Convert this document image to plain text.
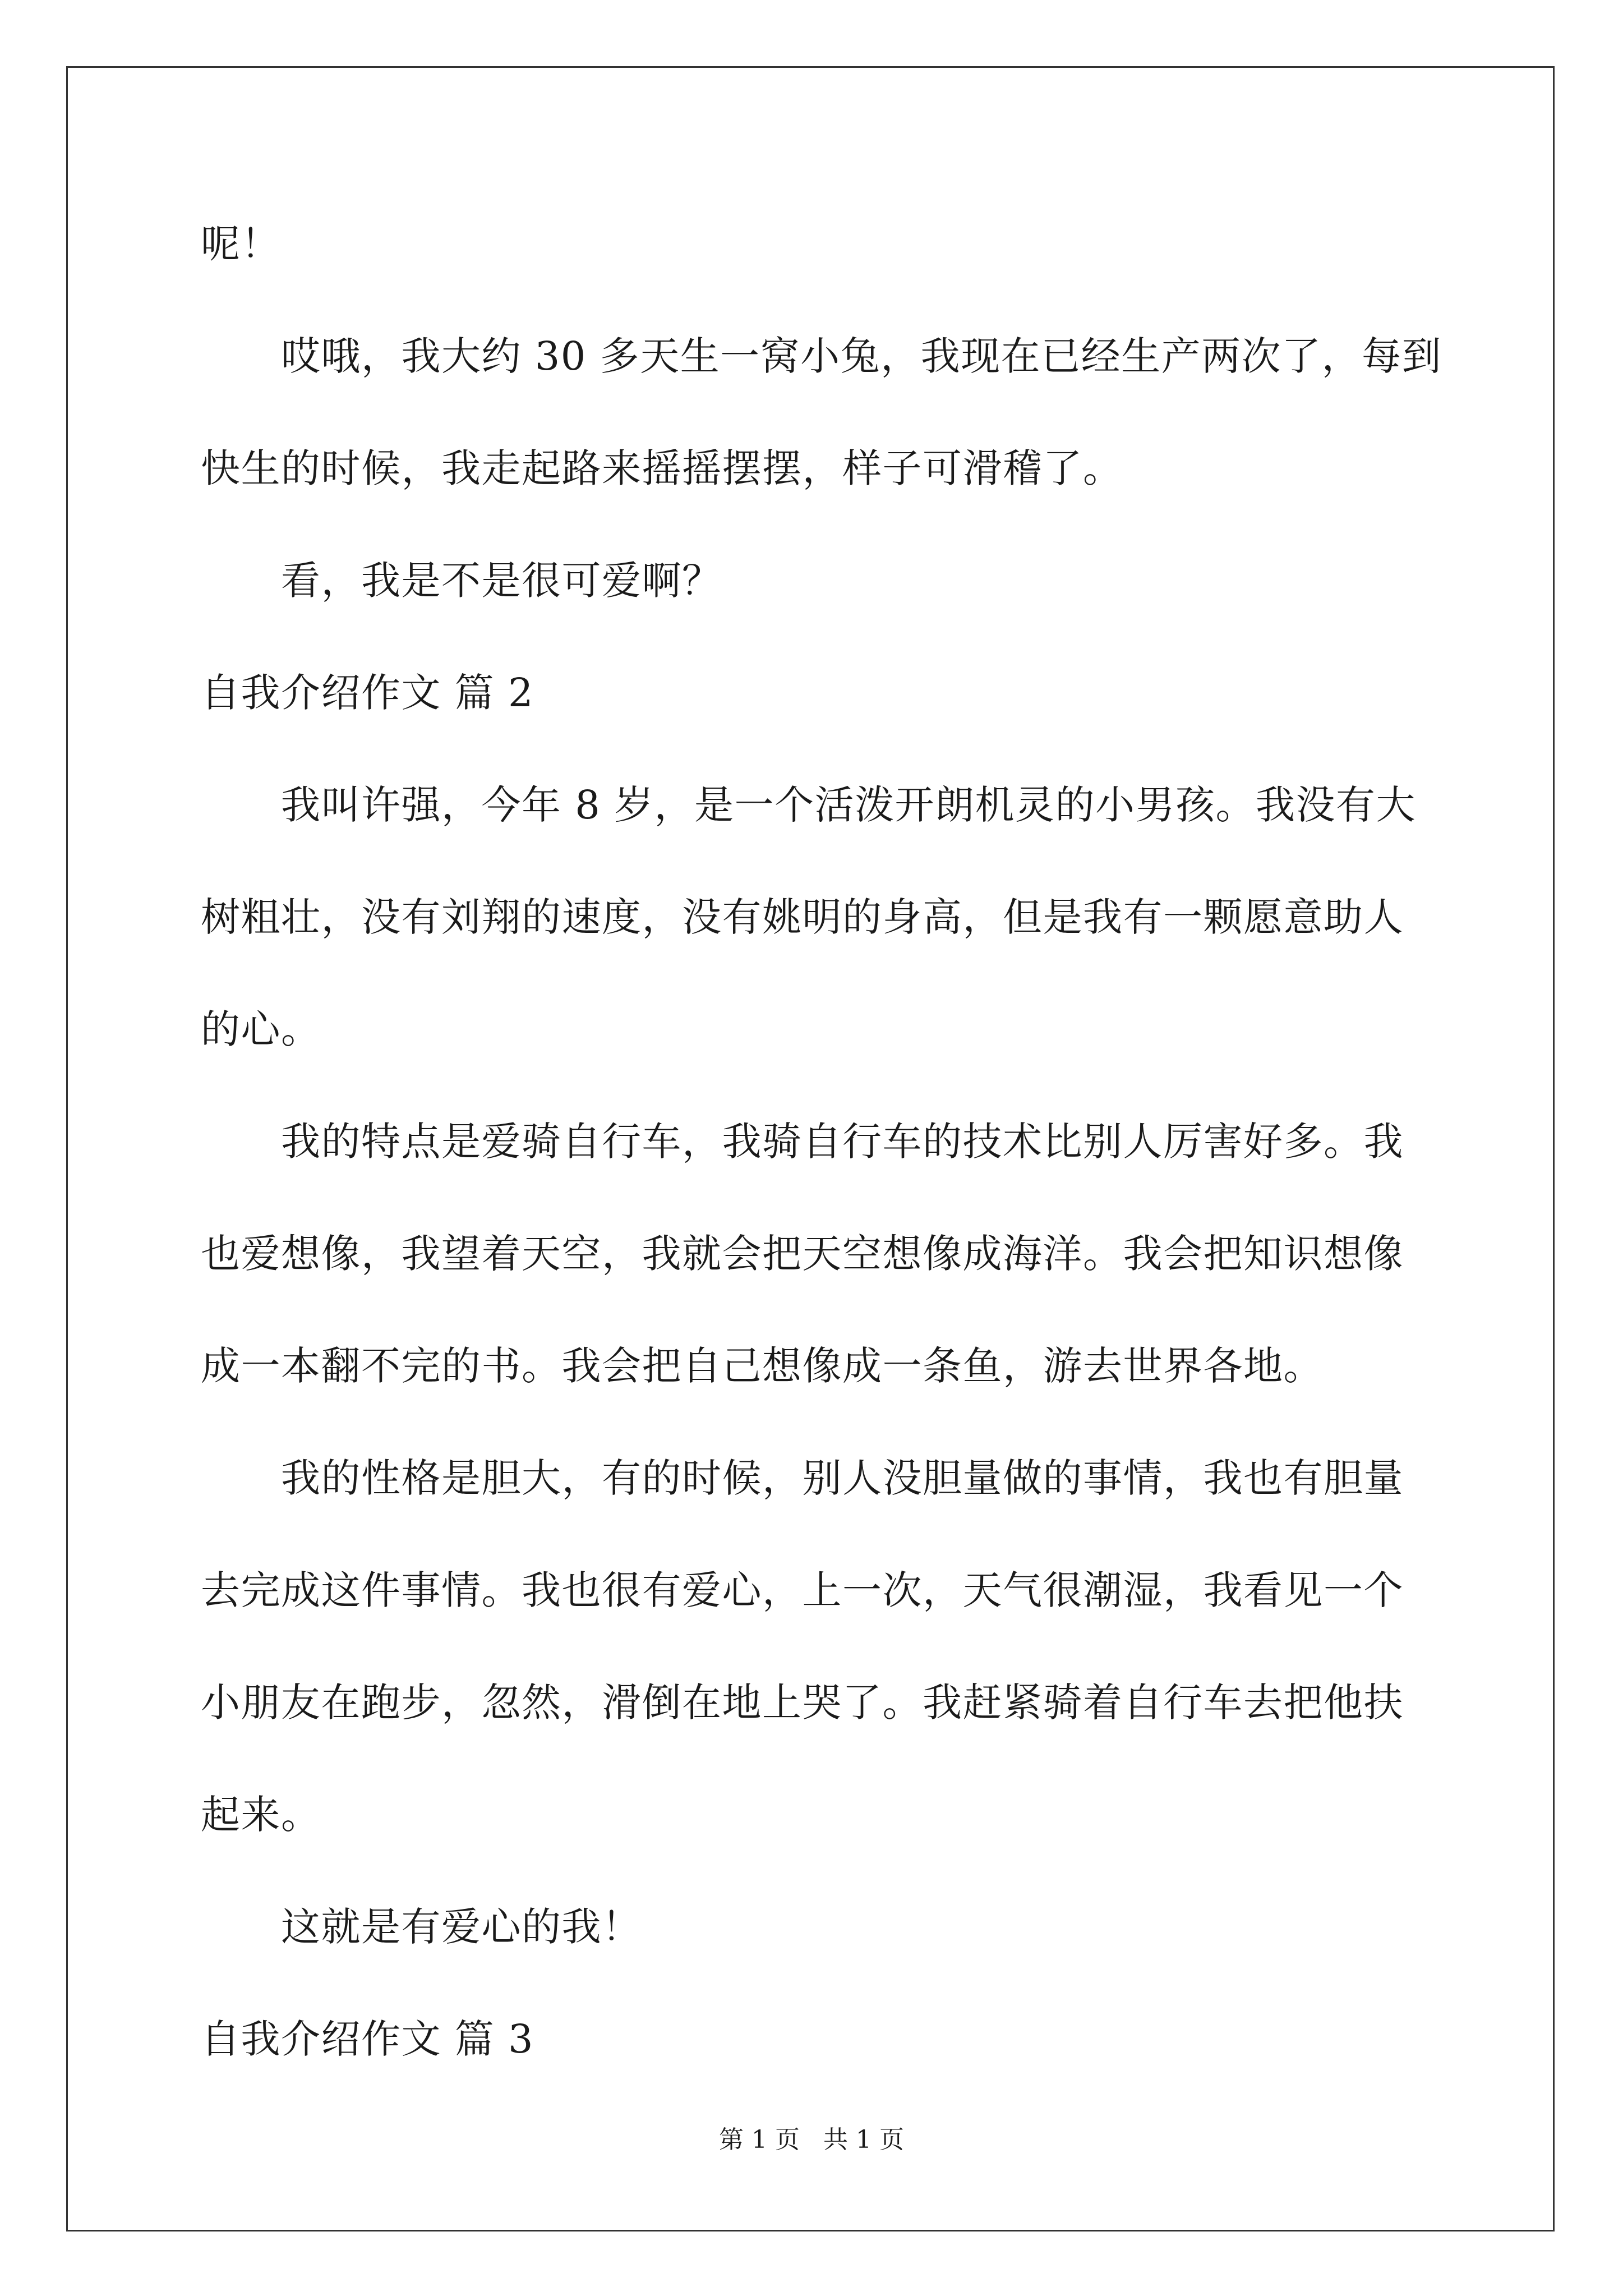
呢！
　　哎哦，我大约 30 多天生一窝小兔，我现在已经生产两次了，每到
快生的时候，我走起路来摇摇摆摆，样子可滑稽了。
　　看，我是不是很可爱啊？
自我介绍作文 篇 2
　　我叫许强，今年 8 岁，是一个活泼开朗机灵的小男孩。我没有大
树粗壮，没有刘翔的速度，没有姚明的身高，但是我有一颗愿意助人
的心。
　　我的特点是爱骑自行车，我骑自行车的技术比别人厉害好多。我
也爱想像，我望着天空，我就会把天空想像成海洋。我会把知识想像
成一本翻不完的书。我会把自己想像成一条鱼，游去世界各地。
　　我的性格是胆大，有的时候，别人没胆量做的事情，我也有胆量
去完成这件事情。我也很有爱心，上一次，天气很潮湿，我看见一个
小朋友在跑步，忽然，滑倒在地上哭了。我赶紧骑着自行车去把他扶
起来。
　　这就是有爱心的我！
自我介绍作文 篇 3
第 1 页   共 1 页
